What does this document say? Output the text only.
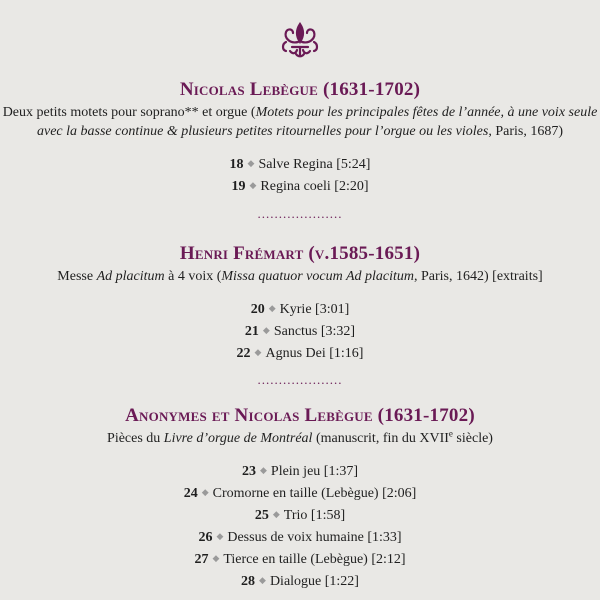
Nicolas Lebègue (1631-1702)
Deux petits motets pour soprano** et orgue (Motets pour les principales fêtes de l’année, à une voix seule avec la basse continue & plusieurs petites ritournelles pour l’orgue ou les violes, Paris, 1687)
18 ◆ Salve Regina [5:24]
19 ◆ Regina coeli [2:20]
....................
Henri Frémart (v.1585-1651)
Messe Ad placitum à 4 voix (Missa quatuor vocum Ad placitum, Paris, 1642) [extraits]
20 ◆ Kyrie [3:01]
21 ◆ Sanctus [3:32]
22 ◆ Agnus Dei [1:16]
....................
Anonymes et Nicolas Lebègue (1631-1702)
Pièces du Livre d’orgue de Montréal (manuscrit, fin du XVIIe siècle)
23 ◆ Plein jeu [1:37]
24 ◆ Cromorne en taille (Lebègue) [2:06]
25 ◆ Trio [1:58]
26 ◆ Dessus de voix humaine [1:33]
27 ◆ Tierce en taille (Lebègue) [2:12]
28 ◆ Dialogue [1:22]
